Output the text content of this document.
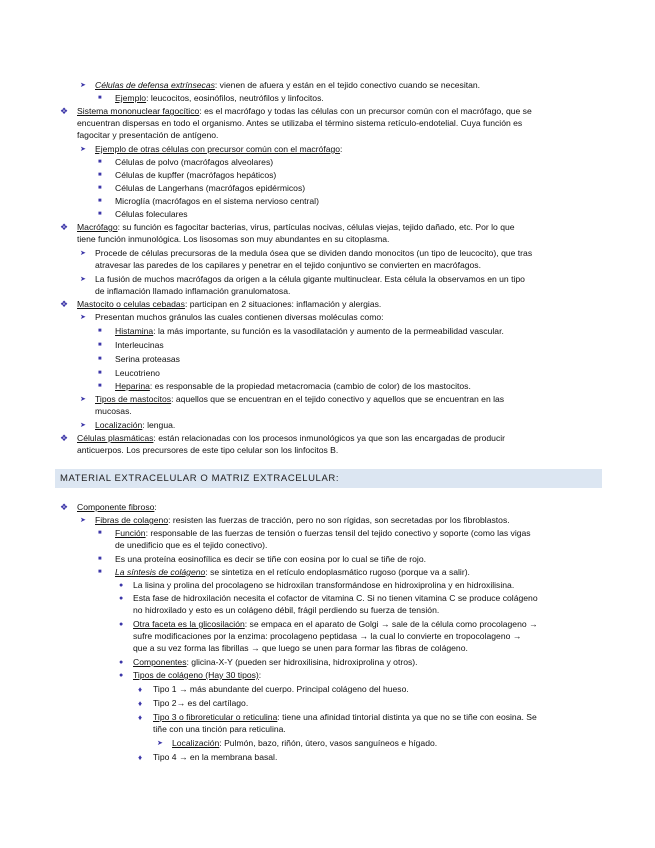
MATERIAL EXTRACELULAR O MATRIZ EXTRACELULAR:
➤ Células de defensa extrínsecas: vienen de afuera y están en el tejido conectivo cuando se necesitan.
■ Ejemplo: leucocitos, eosinófilos, neutrófilos y linfocitos.
❖ Sistema mononuclear fagocítico: es el macrófago y todas las células con un precursor común con el macrófago, que se
encuentran dispersas en todo el organismo. Antes se utilizaba el término sistema retículo-endotelial. Cuya función es
fagocitar y presentación de antígeno.
➤ Ejemplo de otras células con precursor común con el macrófago:
■ Células de polvo (macrófagos alveolares)
■ Células de kupffer (macrófagos hepáticos)
■ Células de Langerhans (macrófagos epidérmicos)
■ Microglía (macrófagos en el sistema nervioso central)
■ Células foleculares
❖ Macrófago: su función es fagocitar bacterias, virus, partículas nocivas, células viejas, tejido dañado, etc. Por lo que
tiene función inmunológica. Los lisosomas son muy abundantes en su citoplasma.
➤ Procede de células precursoras de la medula ósea que se dividen dando monocitos (un tipo de leucocito), que tras
atravesar las paredes de los capilares y penetrar en el tejido conjuntivo se convierten en macrófagos.
➤ La fusión de muchos macrófagos da origen a la célula gigante multinuclear. Esta célula la observamos en un tipo
de inflamación llamado inflamación granulomatosa.
❖ Mastocito o celulas cebadas: participan en 2 situaciones: inflamación y alergias.
➤ Presentan muchos gránulos las cuales contienen diversas moléculas como:
■ Histamina: la más importante, su función es la vasodilatación y aumento de la permeabilidad vascular.
■ Interleucinas
■ Serina proteasas
■ Leucotrieno
■ Heparina: es responsable de la propiedad metacromacia (cambio de color) de los mastocitos.
➤ Tipos de mastocitos: aquellos que se encuentran en el tejido conectivo y aquellos que se encuentran en las
mucosas.
➤ Localización: lengua.
❖ Células plasmáticas: están relacionadas con los procesos inmunológicos ya que son las encargadas de producir
anticuerpos. Los precursores de este tipo celular son los linfocitos B.
❖ Componente fibroso:
➤ Fibras de colageno: resisten las fuerzas de tracción, pero no son rígidas, son secretadas por los fibroblastos.
■ Función: responsable de las fuerzas de tensión o fuerzas tensil del tejido conectivo y soporte (como las vigas
de unedificio que es el tejido conectivo).
■ Es una proteína eosinofílica es decir se tiñe con eosina por lo cual se tiñe de rojo.
■ La síntesis de colágeno: se sintetiza en el retículo endoplasmático rugoso (porque va a salir).
● La lisina y prolina del procolageno se hidroxilan transformándose en hidroxiprolina y en hidroxilisina.
● Esta fase de hidroxilación necesita el cofactor de vitamina C. Si no tienen vitamina C se produce colágeno
no hidroxilado y esto es un colágeno débil, frágil perdiendo su fuerza de tensión.
● Otra faceta es la glicosilación: se empaca en el aparato de Golgi → sale de la célula como procolageno →
sufre modificaciones por la enzima: procolageno peptidasa → la cual lo convierte en tropocolageno →
que a su vez forma las fibrillas → que luego se unen para formar las fibras de colágeno.
● Componentes: glicina-X-Y (pueden ser hidroxilisina, hidroxiprolina y otros).
● Tipos de colágeno (Hay 30 tipos):
♦ Tipo 1 → más abundante del cuerpo. Principal colágeno del hueso.
♦ Tipo 2→ es del cartílago.
♦ Tipo 3 o fibroreticular o reticulina: tiene una afinidad tintorial distinta ya que no se tiñe con eosina. Se
tiñe con una tinción para reticulina.
➤ Localización: Pulmón, bazo, riñón, útero, vasos sanguíneos e hígado.
♦ Tipo 4 → en la membrana basal.
